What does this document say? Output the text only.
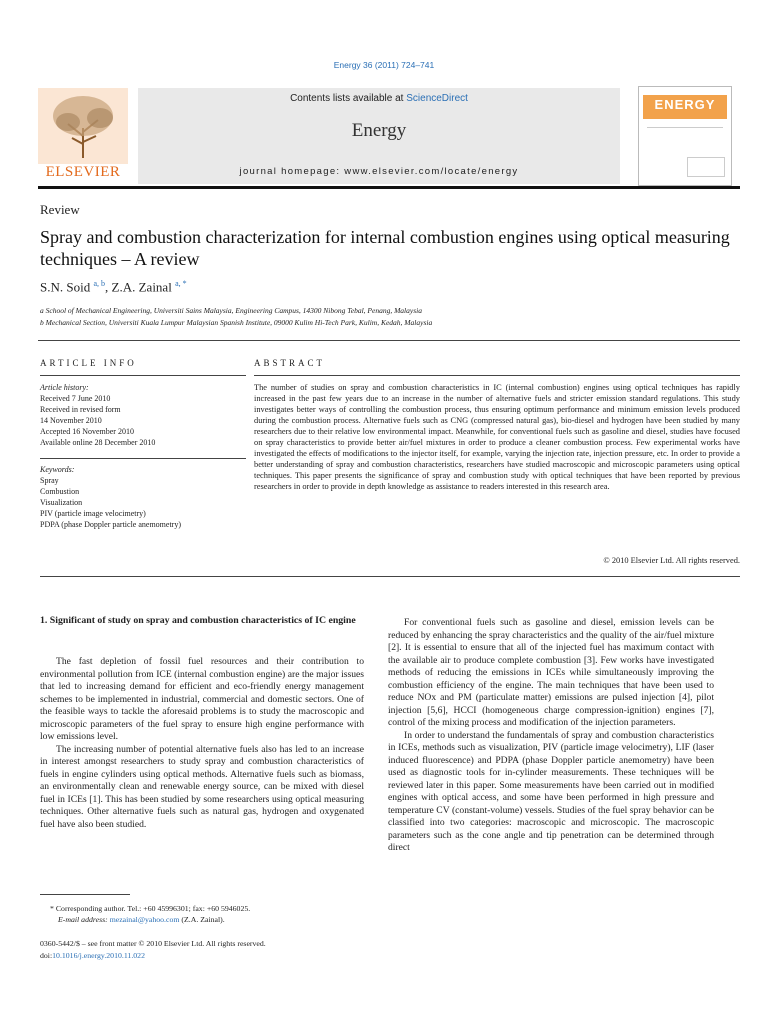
Energy 36 (2011) 724–741
ELSEVIER
Contents lists available at ScienceDirect
Energy
journal homepage: www.elsevier.com/locate/energy
ENERGY
Review
Spray and combustion characterization for internal combustion engines using optical measuring techniques – A review
S.N. Soid $^{a, b}$, Z.A. Zainal $^{a, *}$
a School of Mechanical Engineering, Universiti Sains Malaysia, Engineering Campus, 14300 Nibong Tebal, Penang, Malaysia
b Mechanical Section, Universiti Kuala Lumpur Malaysian Spanish Institute, 09000 Kulim Hi-Tech Park, Kulim, Kedah, Malaysia
ARTICLE INFO
Article history:
Received 7 June 2010
Received in revised form
14 November 2010
Accepted 16 November 2010
Available online 28 December 2010
Keywords:
Spray
Combustion
Visualization
PIV (particle image velocimetry)
PDPA (phase Doppler particle anemometry)
ABSTRACT
The number of studies on spray and combustion characteristics in IC (internal combustion) engines using optical techniques has rapidly increased in the past few years due to an increase in the number of alternative fuels and stricter emission standard regulations. This study investigates better ways of controlling the combustion process, thus ensuring optimum performance and minimum emission levels produced during the combustion process. Alternative fuels such as CNG (compressed natural gas), bio-diesel and hydrogen have been studied by many researchers due to their relative low environmental impact. Meanwhile, for conventional fuels such as gasoline and diesel, studies have focused on spray characteristics to provide better air/fuel mixtures in order to produce a cleaner combustion process. Few experimental works have investigated the effects of modifications to the injector itself, for example, varying the injection rate, injection pressure, etc. In order to provide a better understanding of spray and combustion characteristics, researchers have studied macroscopic and microscopic parameters using optical techniques. This paper presents the significance of spray and combustion study with optical techniques that have been reported by previous researchers in order to provide in depth knowledge as assistance to readers interested in this research area.
© 2010 Elsevier Ltd. All rights reserved.
1. Significant of study on spray and combustion characteristics of IC engine

The fast depletion of fossil fuel resources and their contribution to environmental pollution from ICE (internal combustion engine) are the major issues that led to increasing demand for efficient and eco-friendly energy management schemes to be implemented in industrial, commercial and domestic sectors. One of the feasible ways to tackle the aforesaid problems is to study the macroscopic and microscopic parameters of the fuel spray to ensure high engine performance with low emissions level.

The increasing number of potential alternative fuels also has led to an increase in interest amongst researchers to study spray and combustion characteristics of fuels in engine cylinders using optical methods. Alternative fuels such as biomass, an environmentally clean and renewable energy source, can be mixed with diesel fuel in ICEs [1]. This has been studied by some researchers using optical measuring techniques. Other alternative fuels such as natural gas, hydrogen and oxygenated fuel have also been studied.

For conventional fuels such as gasoline and diesel, emission levels can be reduced by enhancing the spray characteristics and the quality of the air/fuel mixture [2]. It is essential to ensure that all of the injected fuel has maximum contact with the available air to produce complete combustion [3]. Few works have investigated methods of reducing the emissions in ICEs while simultaneously improving the combustion efficiency of the engine. The main techniques that have been used to reduce NOx and PM (particulate matter) emissions are pulsed injection [4], pilot injection [5,6], HCCI (homogeneous charge compression-ignition) engines [7], control of the mixing process and modification of the injection parameters.

In order to understand the fundamentals of spray and combustion characteristics in ICEs, methods such as visualization, PIV (particle image velocimetry), LIF (laser induced fluorescence) and PDPA (phase Doppler particle anemometry) have been used as diagnostic tools for in-cylinder measurements. These techniques will be reviewed later in this paper. Some measurements have been carried out in modified engines with optical access, and some have been performed in high pressure and temperature CV (constant-volume) vessels. Studies of the fuel spray behavior can be classified into two categories: macroscopic and microscopic. The macroscopic parameters such as the cone angle and tip penetration can be determined through direct

* Corresponding author. Tel.: +60 45996301; fax: +60 5946025.
E-mail address: mezainal@yahoo.com (Z.A. Zainal).
0360-5442/$ – see front matter © 2010 Elsevier Ltd. All rights reserved.
doi:10.1016/j.energy.2010.11.022
